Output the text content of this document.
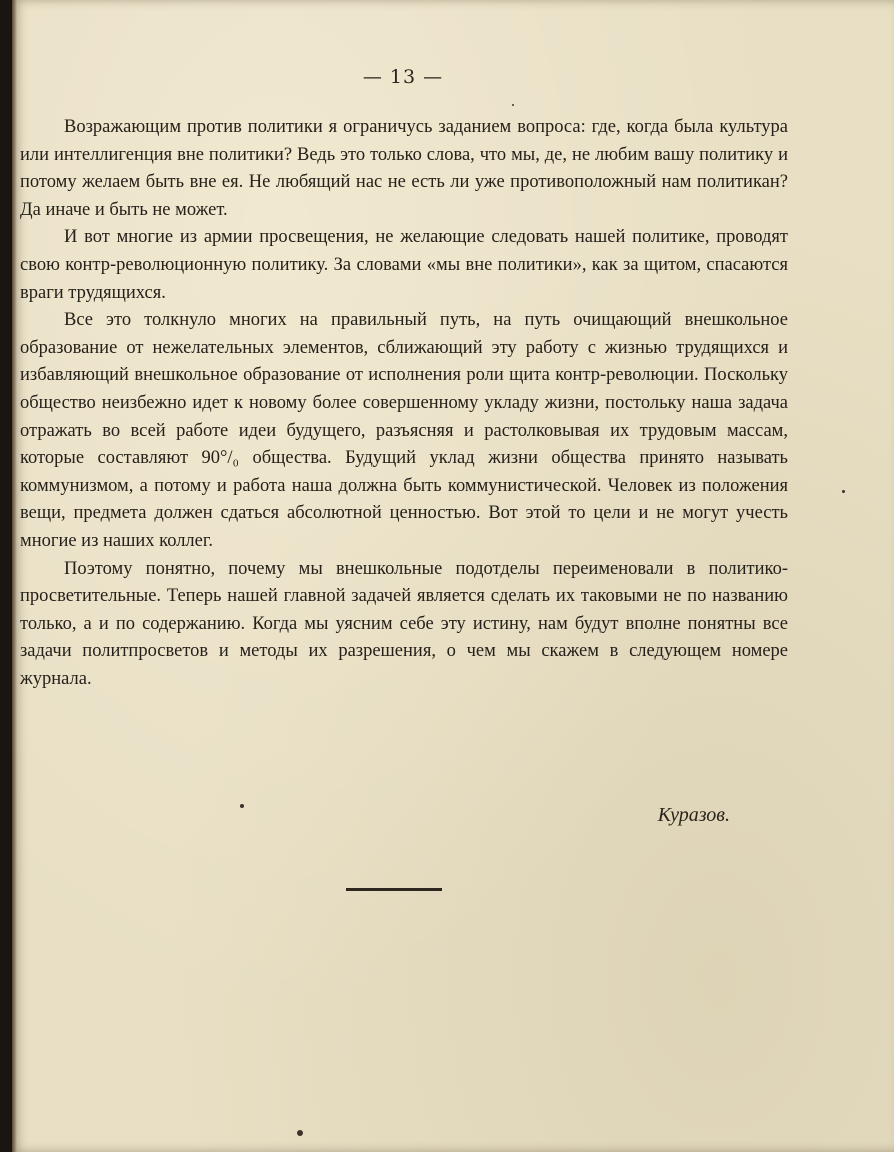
— 13 —

Возражающим против политики я ограничусь заданием вопроса: где, когда была культура или интеллигенция вне политики? Ведь это только слова, что мы, де, не любим вашу политику и потому желаем быть вне ея. Не любящий нас не есть ли уже противоположный нам политикан? Да иначе и быть не может.

И вот многие из армии просвещения, не желающие следовать нашей политике, проводят свою контр-революционную политику. За словами «мы вне политики», как за щитом, спасаются враги трудящихся.

Все это толкнуло многих на правильный путь, на путь очищающий внешкольное образование от нежелательных элементов, сближающий эту работу с жизнью трудящихся и избавляющий внешкольное образование от исполнения роли щита контр-революции. Поскольку общество неизбежно идет к новому более совершенному укладу жизни, постольку наша задача отражать во всей работе идеи будущего, разъясняя и растолковывая их трудовым массам, которые составляют 90°/₀ общества. Будущий уклад жизни общества принято называть коммунизмом, а потому и работа наша должна быть коммунистической. Человек из положения вещи, предмета должен сдаться абсолютной ценностью. Вот этой то цели и не могут учесть многие из наших коллег.

Поэтому понятно, почему мы внешкольные подотделы переименовали в политико-просветительные. Теперь нашей главной задачей является сделать их таковыми не по названию только, а и по содержанию. Когда мы уясним себе эту истину, нам будут вполне понятны все задачи политпросветов и методы их разрешения, о чем мы скажем в следующем номере журнала.

Куразов.
